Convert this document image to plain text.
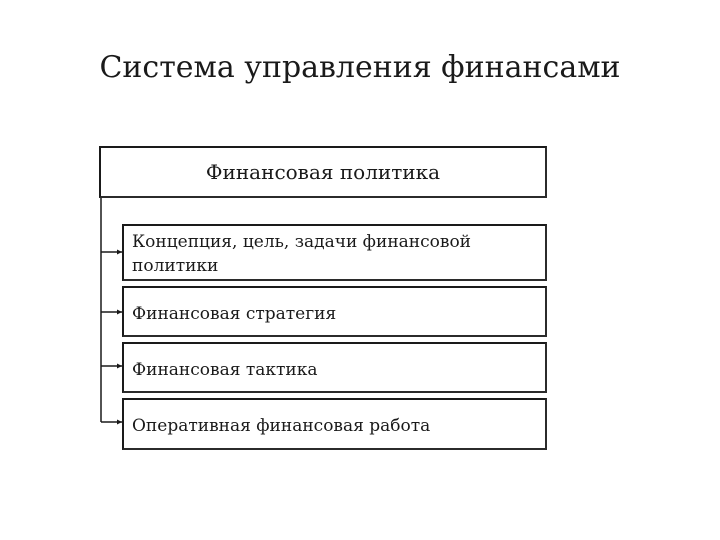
Система управления финансами
Финансовая политика
Концепция, цель, задачи финансовой политики
Финансовая стратегия
Финансовая тактика
Оперативная финансовая работа
